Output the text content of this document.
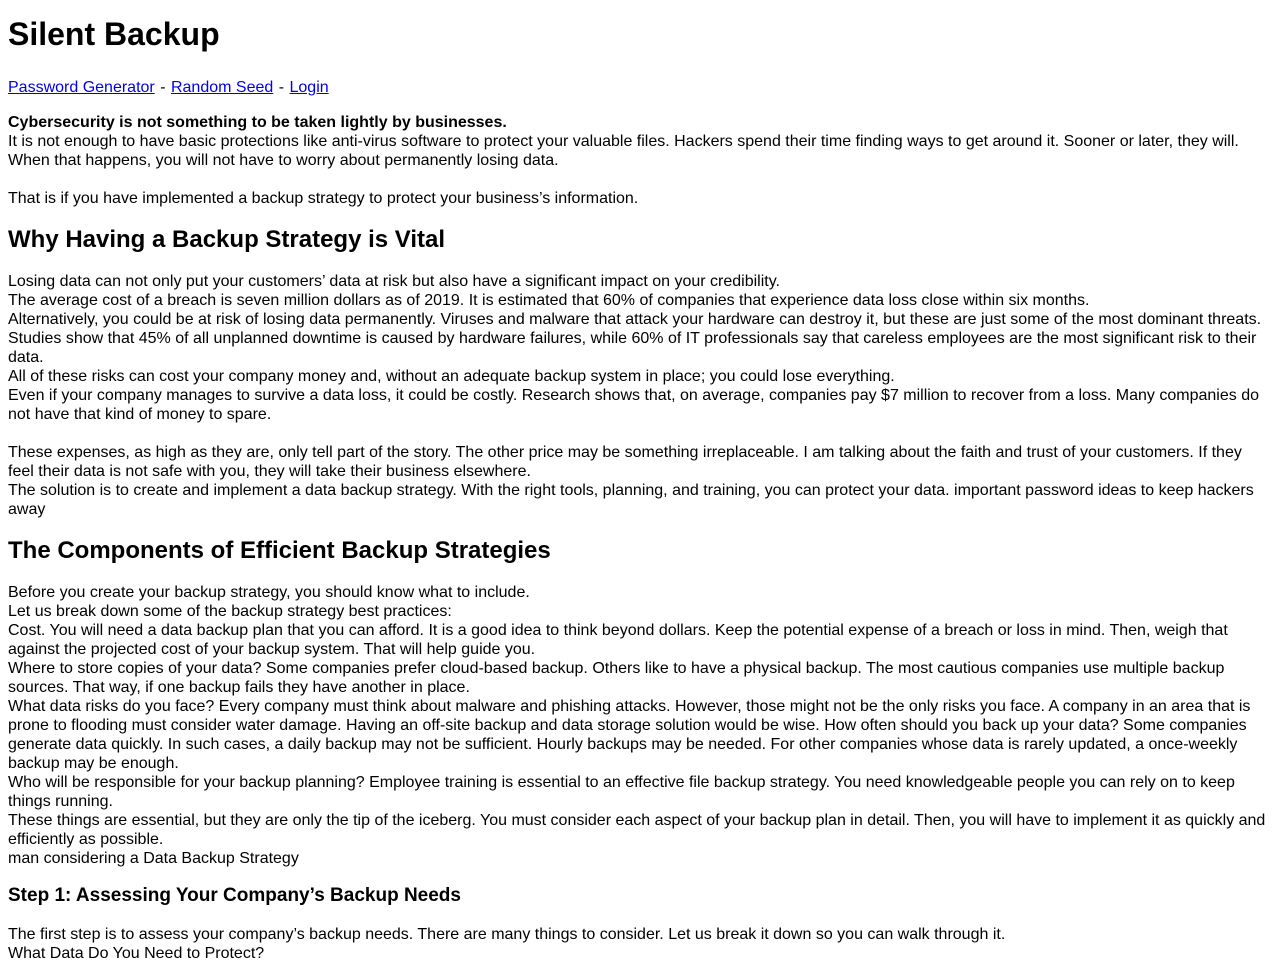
Silent Backup
Password Generator - Random Seed - Login

Cybersecurity is not something to be taken lightly by businesses.

It is not enough to have basic protections like anti-virus software to protect your valuable files. Hackers spend their time finding ways to get around it. Sooner or later, they will. When that happens, you will not have to worry about permanently losing data.

That is if you have implemented a backup strategy to protect your business’s information.

Why Having a Backup Strategy is Vital

Losing data can not only put your customers’ data at risk but also have a significant impact on your credibility.

The average cost of a breach is seven million dollars as of 2019. It is estimated that 60% of companies that experience data loss close within six months.

Alternatively, you could be at risk of losing data permanently. Viruses and malware that attack your hardware can destroy it, but these are just some of the most dominant threats.

Studies show that 45% of all unplanned downtime is caused by hardware failures, while 60% of IT professionals say that careless employees are the most significant risk to their data.

All of these risks can cost your company money and, without an adequate backup system in place; you could lose everything.

Even if your company manages to survive a data loss, it could be costly. Research shows that, on average, companies pay $7 million to recover from a loss. Many companies do not have that kind of money to spare.

These expenses, as high as they are, only tell part of the story. The other price may be something irreplaceable. I am talking about the faith and trust of your customers. If they feel their data is not safe with you, they will take their business elsewhere.

The solution is to create and implement a data backup strategy. With the right tools, planning, and training, you can protect your data. important password ideas to keep hackers away

The Components of Efficient Backup Strategies

Before you create your backup strategy, you should know what to include.

Let us break down some of the backup strategy best practices:

Cost. You will need a data backup plan that you can afford. It is a good idea to think beyond dollars. Keep the potential expense of a breach or loss in mind. Then, weigh that against the projected cost of your backup system. That will help guide you.

Where to store copies of your data? Some companies prefer cloud-based backup. Others like to have a physical backup. The most cautious companies use multiple backup sources. That way, if one backup fails they have another in place.

What data risks do you face? Every company must think about malware and phishing attacks. However, those might not be the only risks you face. A company in an area that is prone to flooding must consider water damage. Having an off-site backup and data storage solution would be wise. How often should you back up your data? Some companies generate data quickly. In such cases, a daily backup may not be sufficient. Hourly backups may be needed. For other companies whose data is rarely updated, a once-weekly backup may be enough.

Who will be responsible for your backup planning? Employee training is essential to an effective file backup strategy. You need knowledgeable people you can rely on to keep things running.

These things are essential, but they are only the tip of the iceberg. You must consider each aspect of your backup plan in detail. Then, you will have to implement it as quickly and efficiently as possible.

man considering a Data Backup Strategy

Step 1: Assessing Your Company’s Backup Needs

The first step is to assess your company’s backup needs. There are many things to consider. Let us break it down so you can walk through it.

What Data Do You Need to Protect?
